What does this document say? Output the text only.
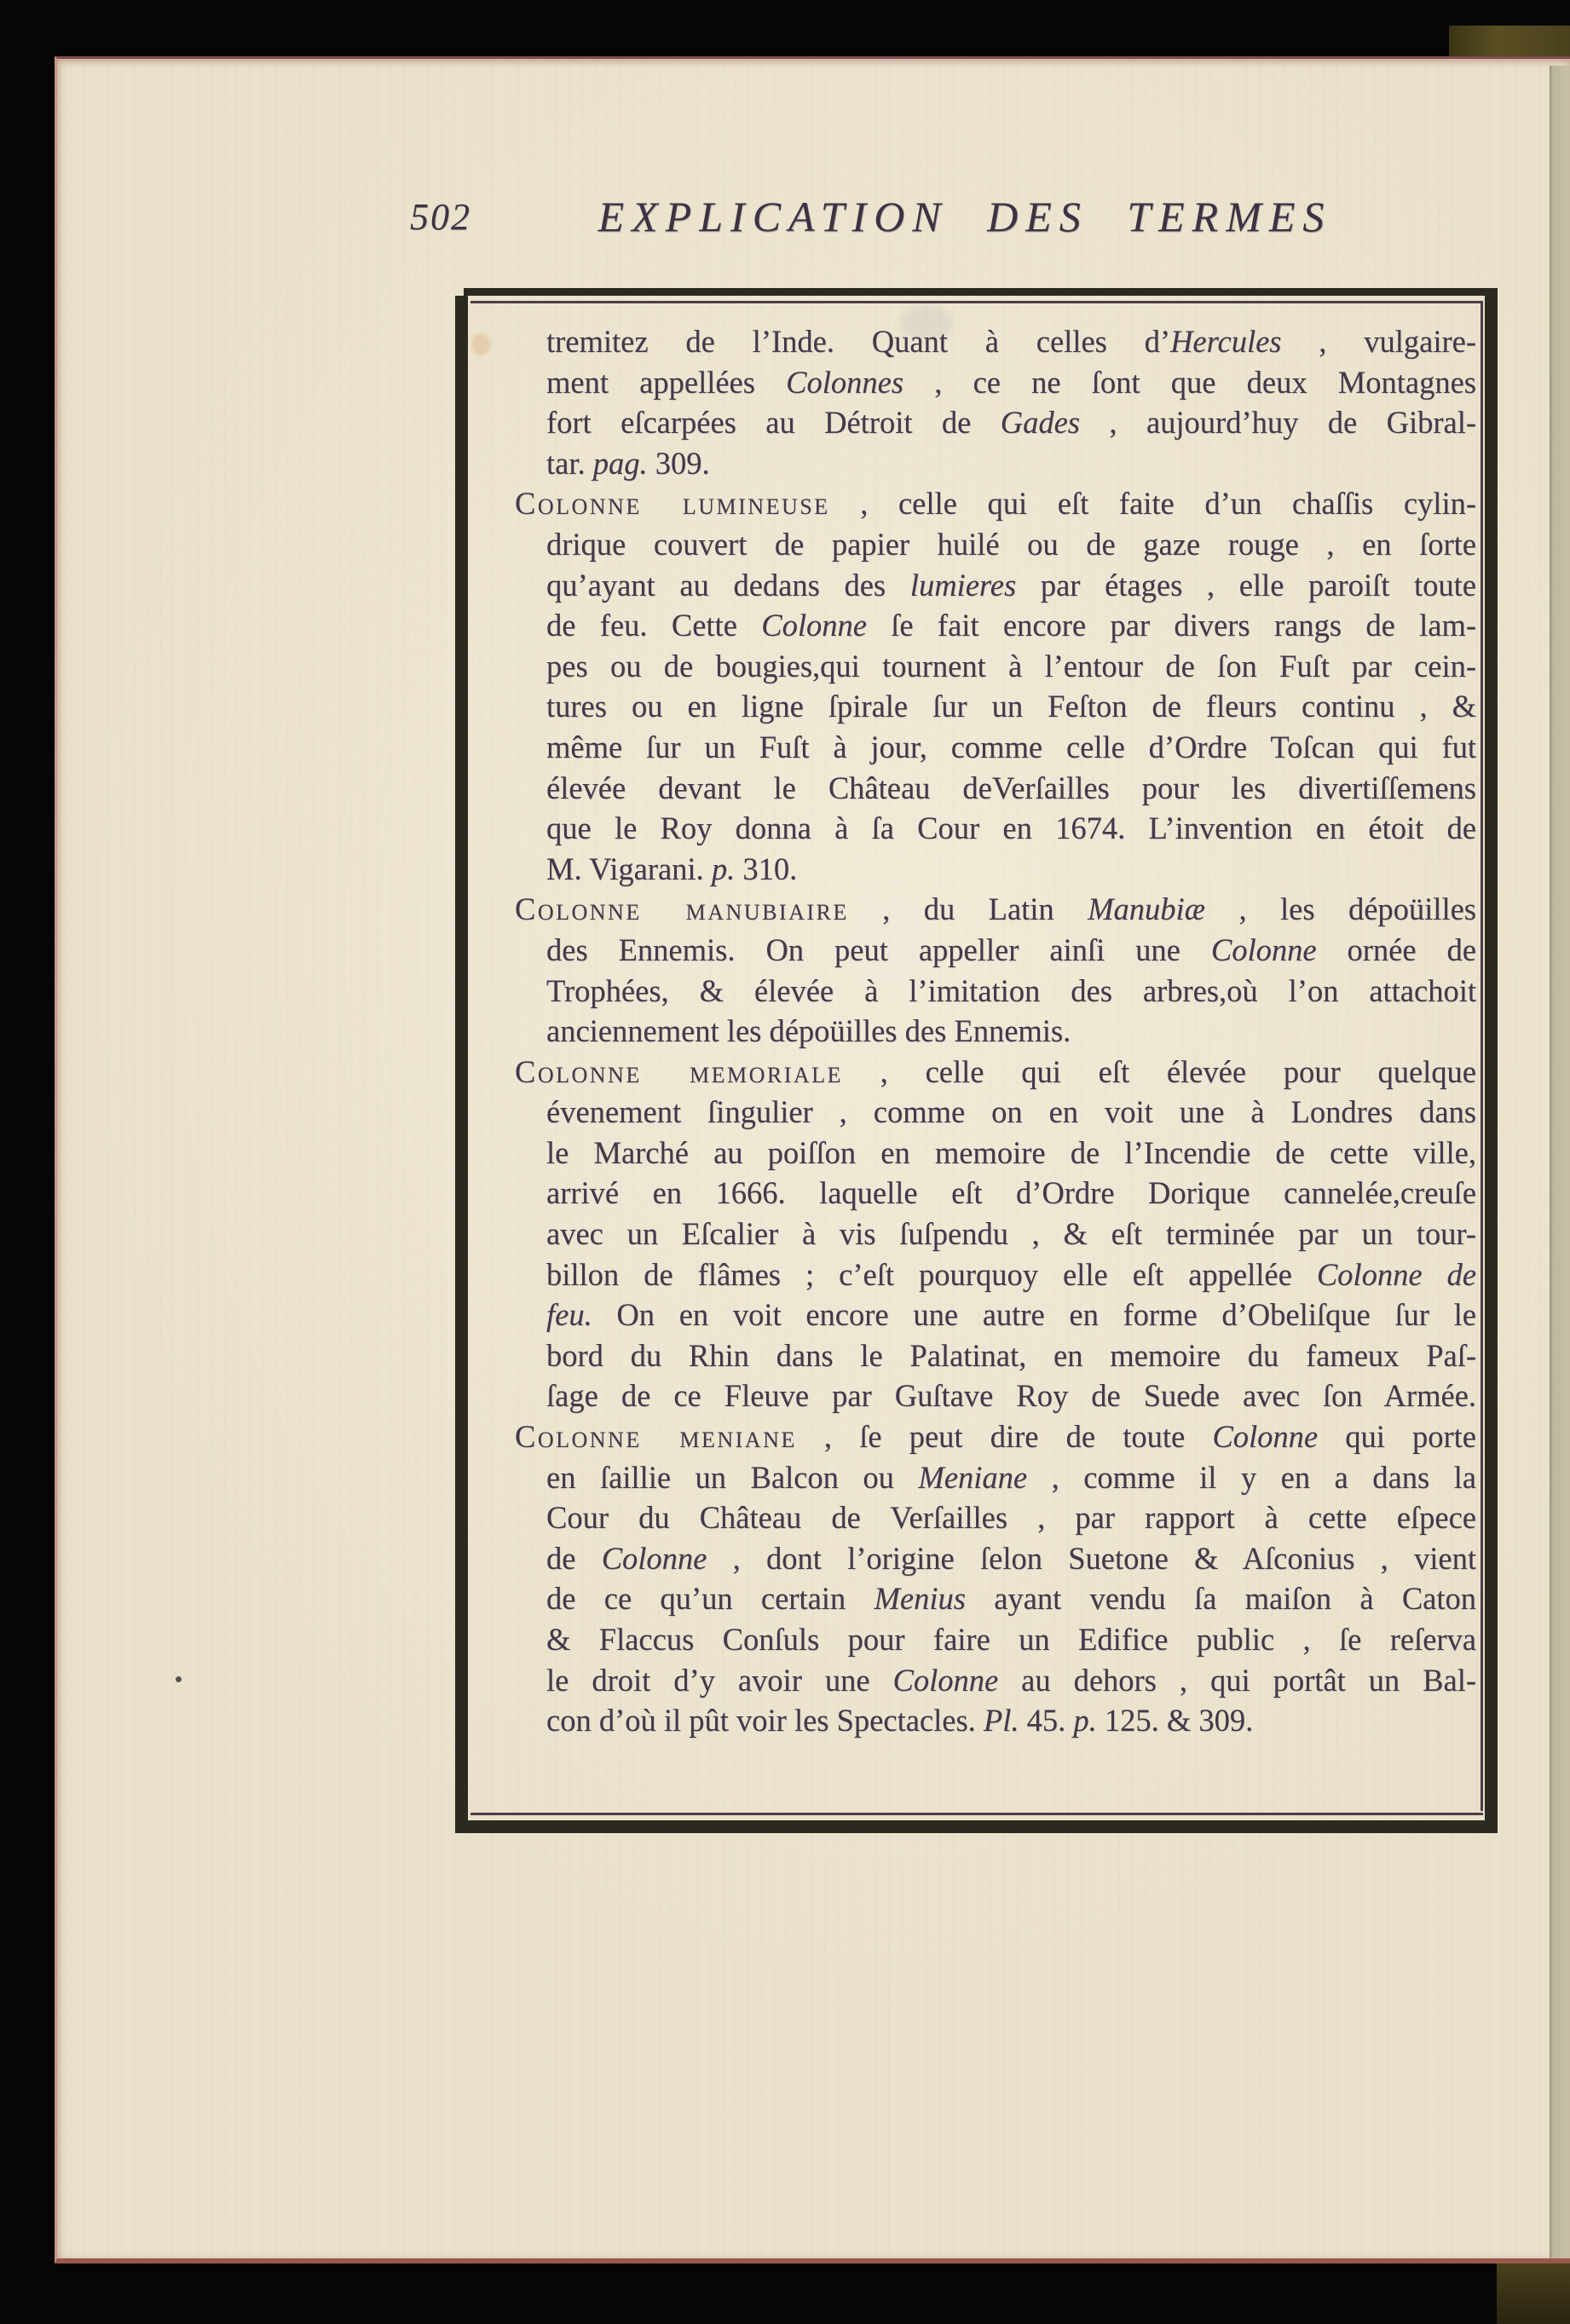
502	EXPLICATION DES TERMES
tremitez de l’Inde. Quant à celles d’Hercules , vulgaire-
ment appellées Colonnes , ce ne ſont que deux Montagnes
fort eſcarpées au Détroit de Gades , aujourd’huy de Gibral-
tar. pag. 309.
Colonne lumineuse , celle qui eſt faite d’un chaſſis cylin-
drique couvert de papier huilé ou de gaze rouge , en ſorte
qu’ayant au dedans des lumieres par étages , elle paroiſt toute
de feu. Cette Colonne ſe fait encore par divers rangs de lam-
pes ou de bougies,qui tournent à l’entour de ſon Fuſt par cein-
tures ou en ligne ſpirale ſur un Feſton de fleurs continu , &
même ſur un Fuſt à jour, comme celle d’Ordre Toſcan qui fut
élevée devant le Château deVerſailles pour les divertiſſemens
que le Roy donna à ſa Cour en 1674. L’invention en étoit de
M. Vigarani. p. 310.
Colonne manubiaire , du Latin Manubiæ , les dépoüilles
des Ennemis. On peut appeller ainſi une Colonne ornée de
Trophées, & élevée à l’imitation des arbres,où l’on attachoit
anciennement les dépoüilles des Ennemis.
Colonne memoriale , celle qui eſt élevée pour quelque
évenement ſingulier , comme on en voit une à Londres dans
le Marché au poiſſon en memoire de l’Incendie de cette ville,
arrivé en 1666. laquelle eſt d’Ordre Dorique cannelée,creuſe
avec un Eſcalier à vis ſuſpendu , & eſt terminée par un tour-
billon de flâmes ; c’eſt pourquoy elle eſt appellée Colonne de
feu. On en voit encore une autre en forme d’Obeliſque ſur le
bord du Rhin dans le Palatinat, en memoire du fameux Paſ-
ſage de ce Fleuve par Guſtave Roy de Suede avec ſon Armée.
Colonne meniane , ſe peut dire de toute Colonne qui porte
en ſaillie un Balcon ou Meniane , comme il y en a dans la
Cour du Château de Verſailles , par rapport à cette eſpece
de Colonne , dont l’origine ſelon Suetone & Aſconius , vient
de ce qu’un certain Menius ayant vendu ſa maiſon à Caton
& Flaccus Conſuls pour faire un Edifice public , ſe reſerva
le droit d’y avoir une Colonne au dehors , qui portât un Bal-
con d’où il pût voir les Spectacles. Pl. 45. p. 125. & 309.
